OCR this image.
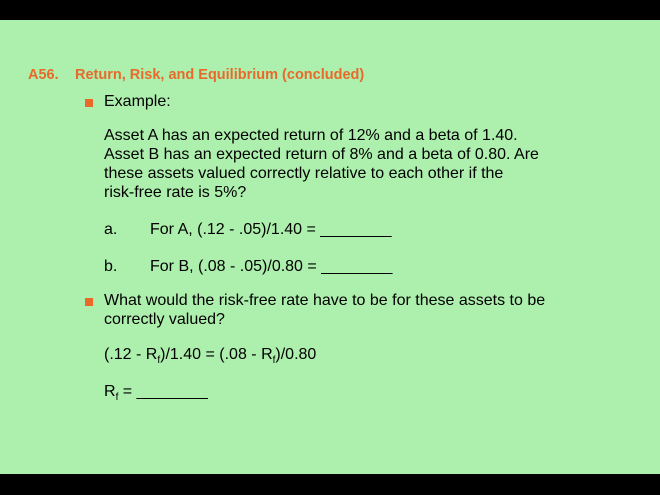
A56. Return, Risk, and Equilibrium (concluded)

Example:

Asset A has an expected return of 12% and a beta of 1.40.

Asset B has an expected return of 8% and a beta of 0.80. Are

these assets valued correctly relative to each other if the

risk-free rate is 5%?

a. For A, (.12 - .05)/1.40 = ________

b. For B, (.08 - .05)/0.80 = ________

What would the risk-free rate have to be for these assets to be

correctly valued?

$(.12 - R_f)/1.40 = (.08 - R_f)/0.80$

$R_f$ = ________
